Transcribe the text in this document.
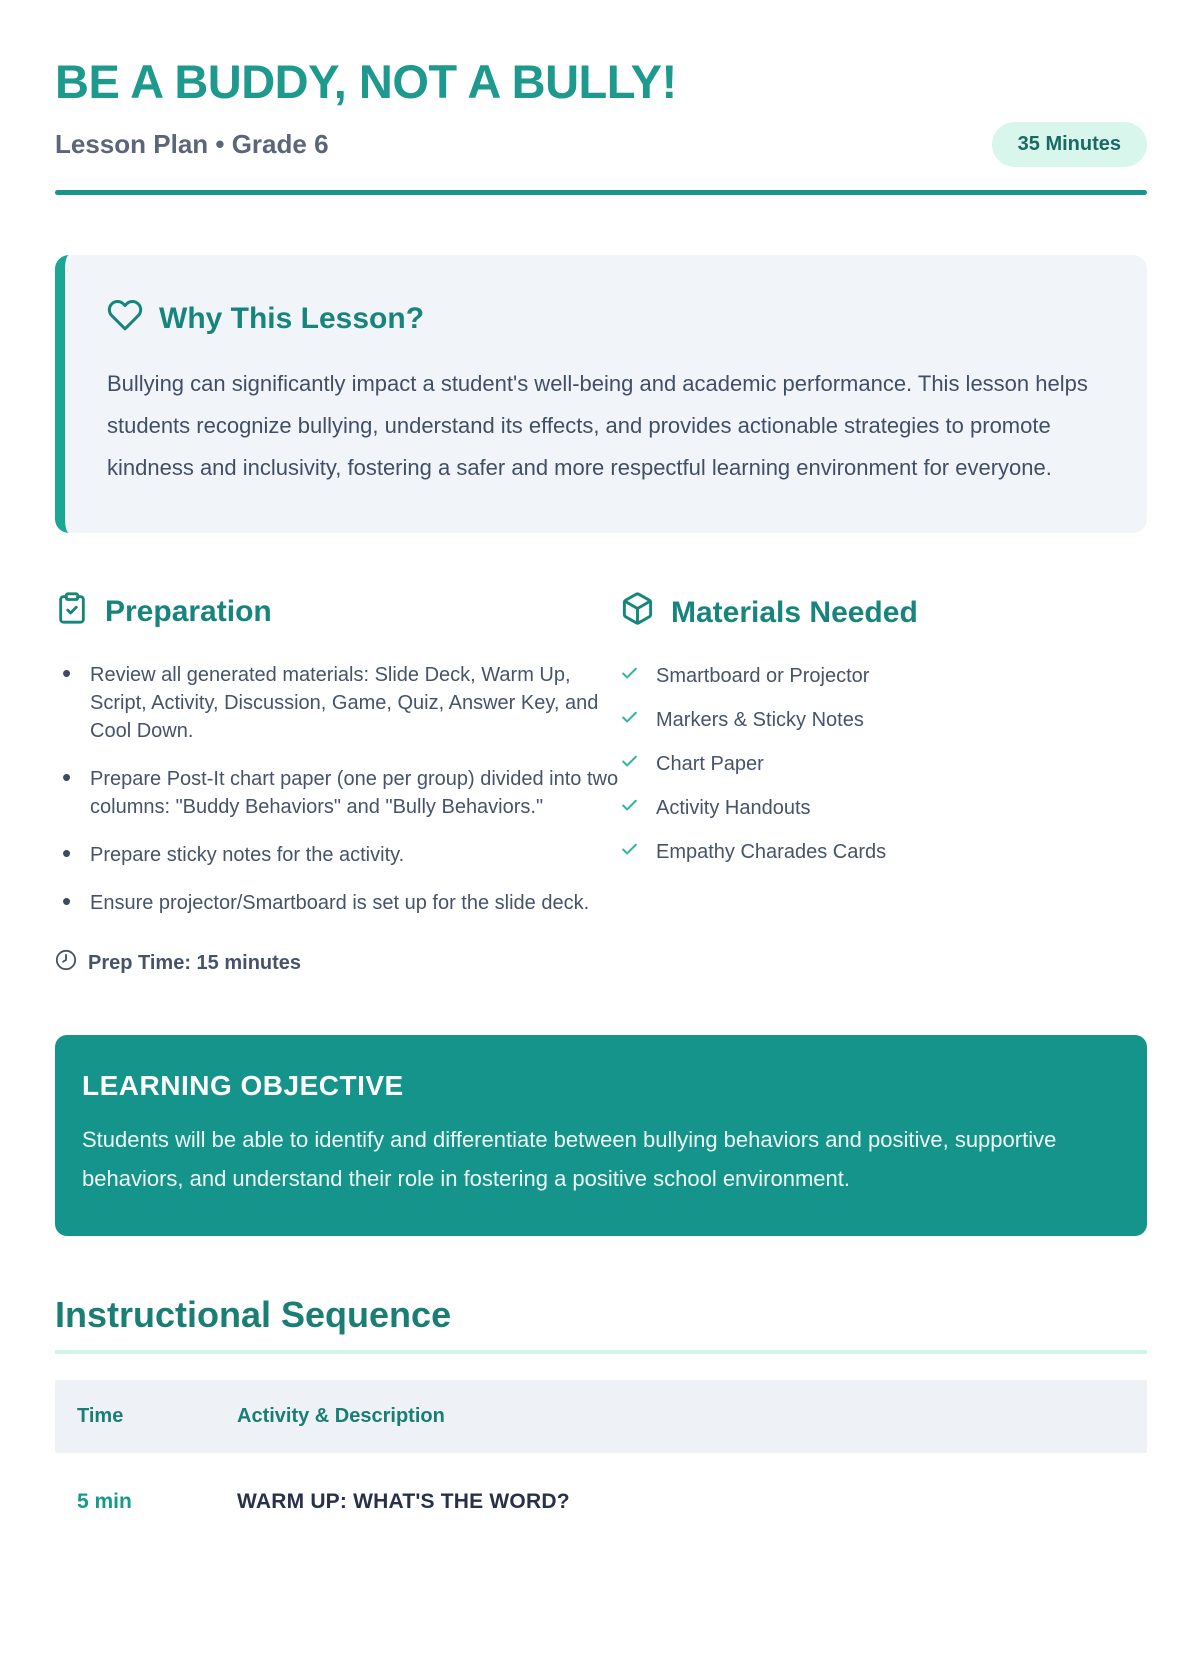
BE A BUDDY, NOT A BULLY!
Lesson Plan • Grade 6	35 Minutes
Why This Lesson?

Bullying can significantly impact a student's well-being and academic performance. This lesson helps students recognize bullying, understand its effects, and provides actionable strategies to promote kindness and inclusivity, fostering a safer and more respectful learning environment for everyone.

Preparation
• Review all generated materials: Slide Deck, Warm Up, Script, Activity, Discussion, Game, Quiz, Answer Key, and Cool Down.
• Prepare Post-It chart paper (one per group) divided into two columns: "Buddy Behaviors" and "Bully Behaviors."
• Prepare sticky notes for the activity.
• Ensure projector/Smartboard is set up for the slide deck.
Prep Time: 15 minutes
Materials Needed
Smartboard or Projector
Markers & Sticky Notes
Chart Paper
Activity Handouts
Empathy Charades Cards
LEARNING OBJECTIVE

Students will be able to identify and differentiate between bullying behaviors and positive, supportive behaviors, and understand their role in fostering a positive school environment.

Instructional Sequence
Time	Activity & Description
5 min	WARM UP: WHAT'S THE WORD?
